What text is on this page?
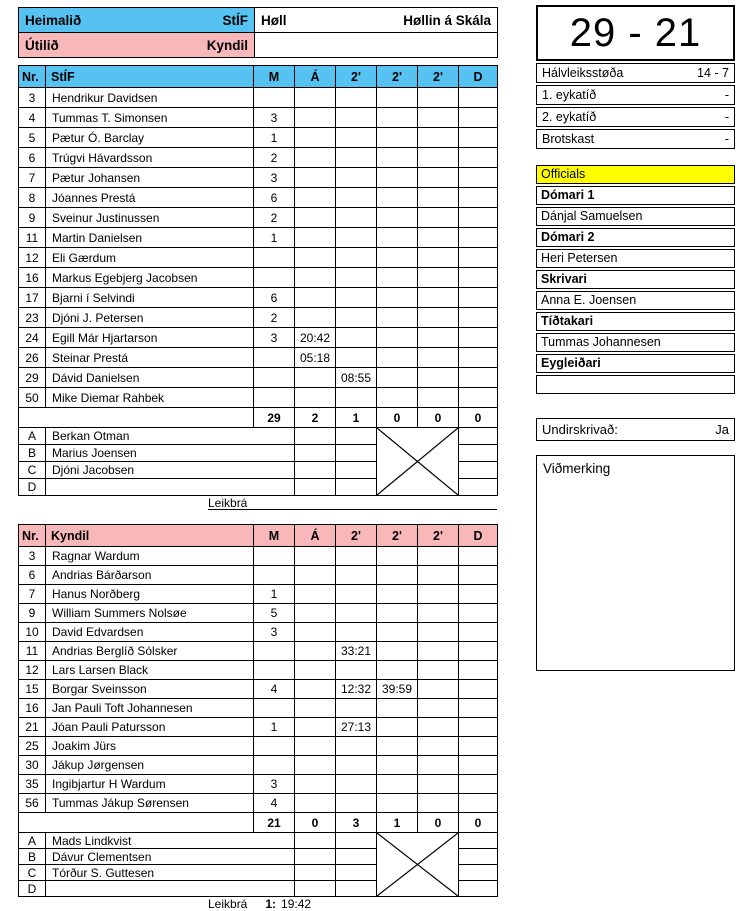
Heimalið StÍF	Høll Høllin á Skála

Útilið Kyndil	

Nr.	StÍF	M	Á	2'	2'	2'	D
3	Hendrikur Davidsen						
4	Tummas T. Simonsen	3					
5	Pætur Ó. Barclay	1					
6	Trúgvi Hávardsson	2					
7	Pætur Johansen	3					
8	Jóannes Prestá	6					
9	Sveinur Justinussen	2					
11	Martin Danielsen	1					
12	Eli Gærdum						
16	Markus Egebjerg Jacobsen						
17	Bjarni í Selvindi	6					
23	Djóni J. Petersen	2					
24	Egill Már Hjartarson	3	20:42				
26	Steinar Prestá		05:18				
29	Dávid Danielsen			08:55			
50	Mike Diemar Rahbek						
		29	2	1	0	0	0
A	Berkan Otman			

B	Marius Joensen						
C	Djóni Jacobsen						
D							
Leikbrá
Nr.	Kyndil	M	Á	2'	2'	2'	D
3	Ragnar Wardum						
6	Andrias Bárðarson						
7	Hanus Norðberg	1					
9	William Summers Nolsøe	5					
10	David Edvardsen	3					
11	Andrias Berglíð Sólsker			33:21			
12	Lars Larsen Black						
15	Borgar Sveinsson	4		12:32	39:59		
16	Jan Pauli Toft Johannesen						
21	Jóan Pauli Patursson	1		27:13			
25	Joakim Jürs						
30	Jákup Jørgensen						
35	Ingibjartur H Wardum	3					
56	Tummas Jákup Sørensen	4					
		21	0	3	1	0	0
A	Mads Lindkvist			

B	Dávur Clementsen						
C	Tórður S. Guttesen						
D							
Leikbrá 1: 19:42
29 - 21
Hálvleiksstøða	14 - 7
1. eykatíð	-
2. eykatíð	-
Brotskast	-
Officials
Dómari 1
Dánjal Samuelsen
Dómari 2
Heri Petersen
Skrivari
Anna E. Joensen
Tíðtakari
Tummas Johannesen
Eygleiðari
Undirskrivað:	Ja
Viðmerking
